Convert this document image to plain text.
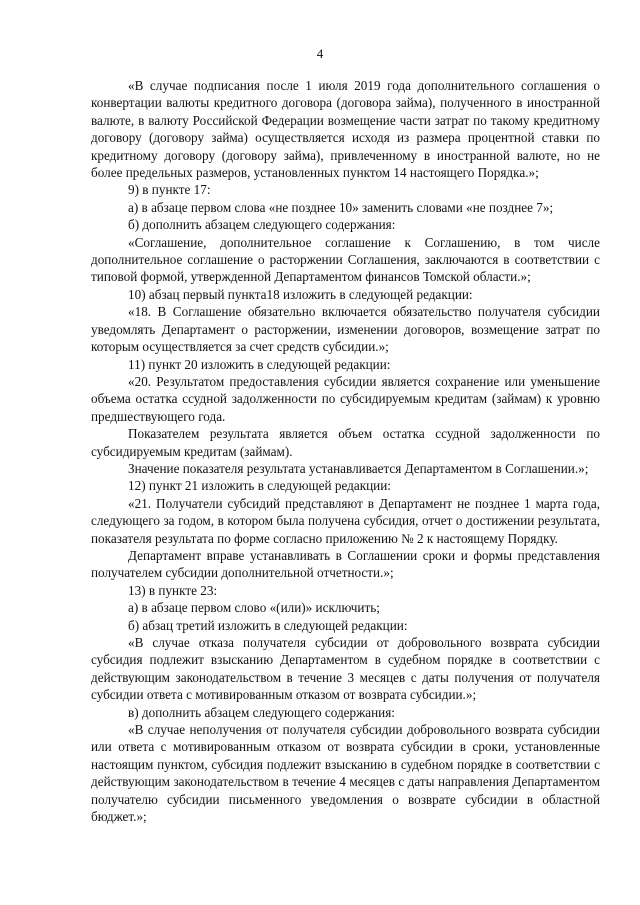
4

«В случае подписания после 1 июля 2019 года дополнительного соглашения о конвертации валюты кредитного договора (договора займа), полученного в иностранной валюте, в валюту Российской Федерации возмещение части затрат по такому кредитному договору (договору займа) осуществляется исходя из размера процентной ставки по кредитному договору (договору займа), привлеченному в иностранной валюте, но не более предельных размеров, установленных пунктом 14 настоящего Порядка.»;

9) в пункте 17:

а) в абзаце первом слова «не позднее 10» заменить словами «не позднее 7»;

б) дополнить абзацем следующего содержания:

«Соглашение, дополнительное соглашение к Соглашению, в том числе дополнительное соглашение о расторжении Соглашения, заключаются в соответствии с типовой формой, утвержденной Департаментом финансов Томской области.»;

10) абзац первый пункта18 изложить в следующей редакции:

«18. В Соглашение обязательно включается обязательство получателя субсидии уведомлять Департамент о расторжении, изменении договоров, возмещение затрат по которым осуществляется за счет средств субсидии.»;

11) пункт 20 изложить в следующей редакции:

«20. Результатом предоставления субсидии является сохранение или уменьшение объема остатка ссудной задолженности по субсидируемым кредитам (займам) к уровню предшествующего года.

Показателем результата является объем остатка ссудной задолженности по субсидируемым кредитам (займам).

Значение показателя результата устанавливается Департаментом в Соглашении.»;

12) пункт 21 изложить в следующей редакции:

«21. Получатели субсидий представляют в Департамент не позднее 1 марта года, следующего за годом, в котором была получена субсидия, отчет о достижении результата, показателя результата по форме согласно приложению № 2 к настоящему Порядку.

Департамент вправе устанавливать в Соглашении сроки и формы представления получателем субсидии дополнительной отчетности.»;

13) в пункте 23:

а) в абзаце первом слово «(или)» исключить;

б) абзац третий изложить в следующей редакции:

«В случае отказа получателя субсидии от добровольного возврата субсидии субсидия подлежит взысканию Департаментом в судебном порядке в соответствии с действующим законодательством в течение 3 месяцев с даты получения от получателя субсидии ответа с мотивированным отказом от возврата субсидии.»;

в) дополнить абзацем следующего содержания:

«В случае неполучения от получателя субсидии добровольного возврата субсидии или ответа с мотивированным отказом от возврата субсидии в сроки, установленные настоящим пунктом, субсидия подлежит взысканию в судебном порядке в соответствии с действующим законодательством в течение 4 месяцев с даты направления Департаментом получателю субсидии письменного уведомления о возврате субсидии в областной бюджет.»;
